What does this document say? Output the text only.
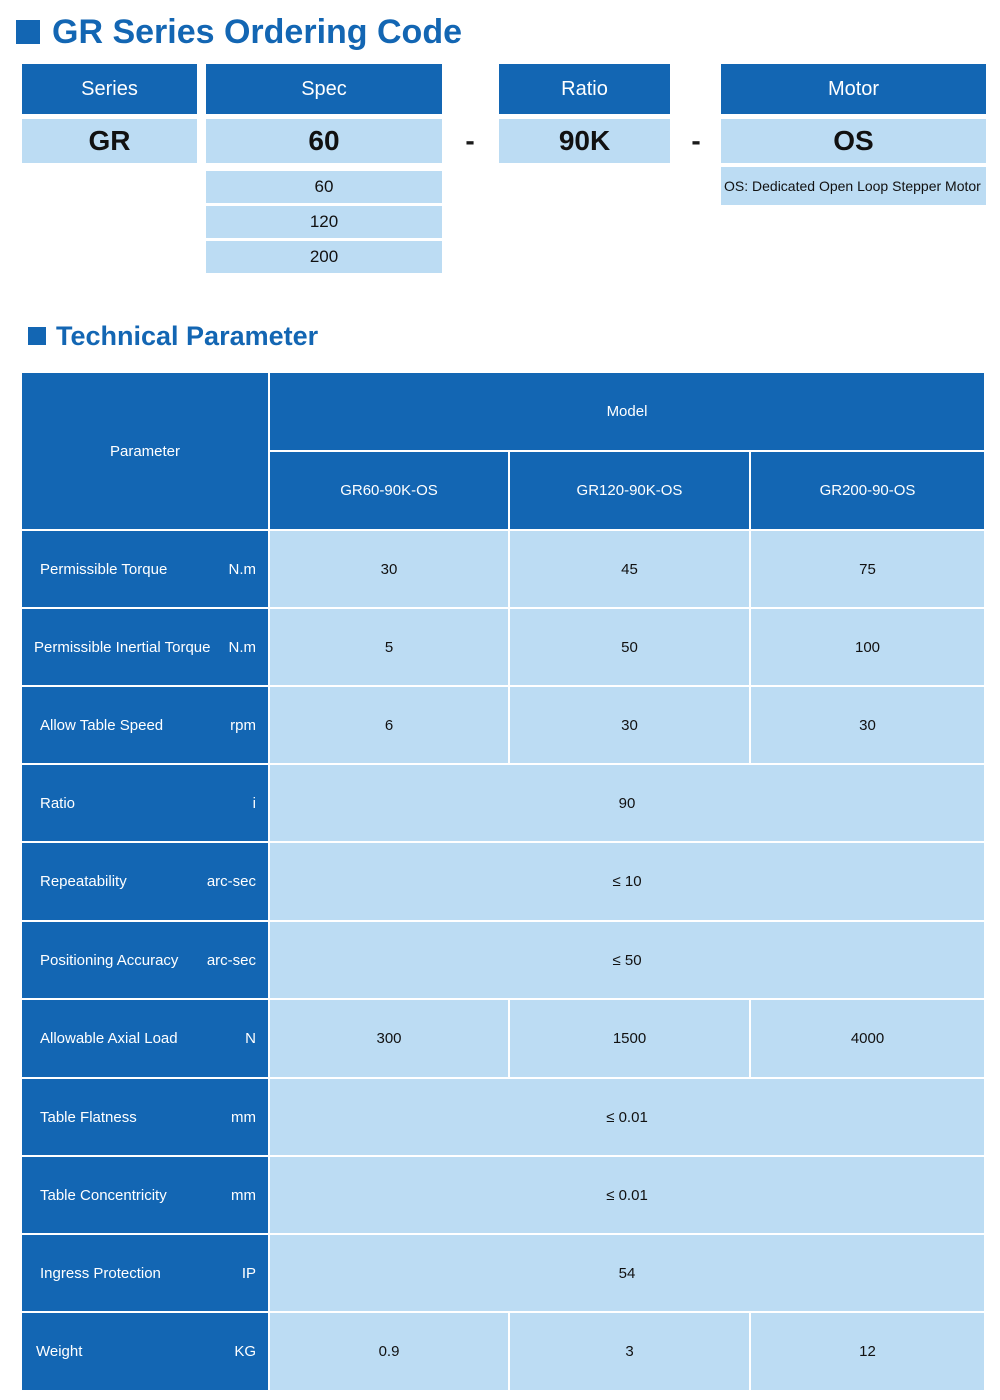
GR Series Ordering Code
Series
GR
Spec
60
60
120
200
-
Ratio
90K	-
Motor
OS
OS: Dedicated Open Loop Stepper Motor
Technical Parameter
Parameter
Model
GR60-90K-OS	GR120-90K-OS	GR200-90-OS
Permissible Torque	N.m	30	45	75
Permissible Inertial Torque N.m	5	50	100
Allow Table Speed	rpm	6	30	30
Ratio	i	90
Repeatability	arc-sec	≤ 10
Positioning Accuracy arc-sec	≤ 50
Allowable Axial Load	N	300	1500	4000
Table Flatness	mm	≤ 0.01
Table Concentricity	mm	≤ 0.01
Ingress Protection	IP	54
Weight	KG	0.9	3	12
